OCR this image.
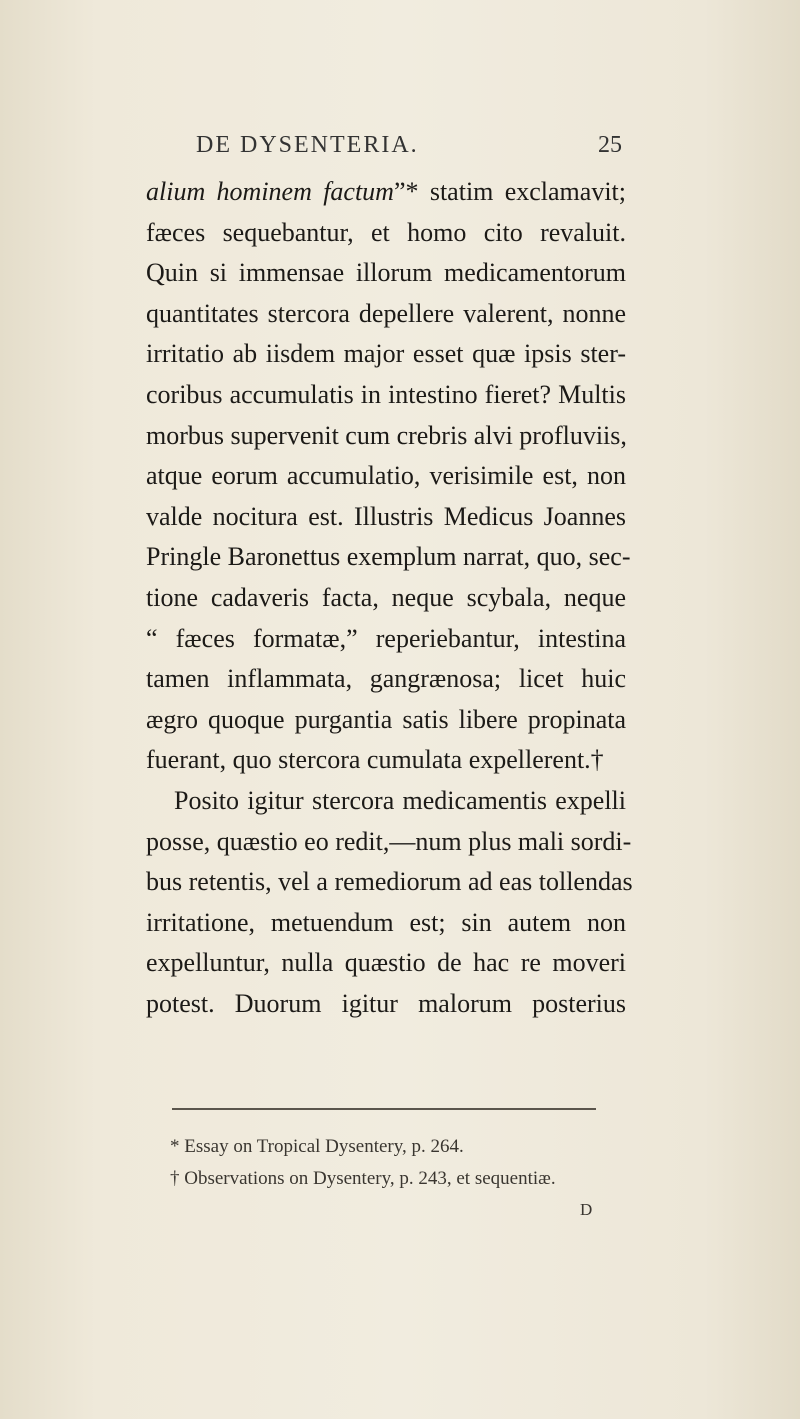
DE DYSENTERIA.	25
alium hominem factum”* statim exclamavit;
fæces sequebantur, et homo cito revaluit.
Quin si immensae illorum medicamentorum
quantitates stercora depellere valerent, nonne
irritatio ab iisdem major esset quæ ipsis ster-
coribus accumulatis in intestino fieret? Multis
morbus supervenit cum crebris alvi profluviis,
atque eorum accumulatio, verisimile est, non
valde nocitura est. Illustris Medicus Joannes
Pringle Baronettus exemplum narrat, quo, sec-
tione cadaveris facta, neque scybala, neque
“ fæces formatæ,” reperiebantur, intestina
tamen inflammata, gangrænosa; licet huic
ægro quoque purgantia satis libere propinata
fuerant, quo stercora cumulata expellerent.†
Posito igitur stercora medicamentis expelli
posse, quæstio eo redit,—num plus mali sordi-
bus retentis, vel a remediorum ad eas tollendas
irritatione, metuendum est; sin autem non
expelluntur, nulla quæstio de hac re moveri
potest. Duorum igitur malorum posterius
* Essay on Tropical Dysentery, p. 264.
† Observations on Dysentery, p. 243, et sequentiæ.
D
